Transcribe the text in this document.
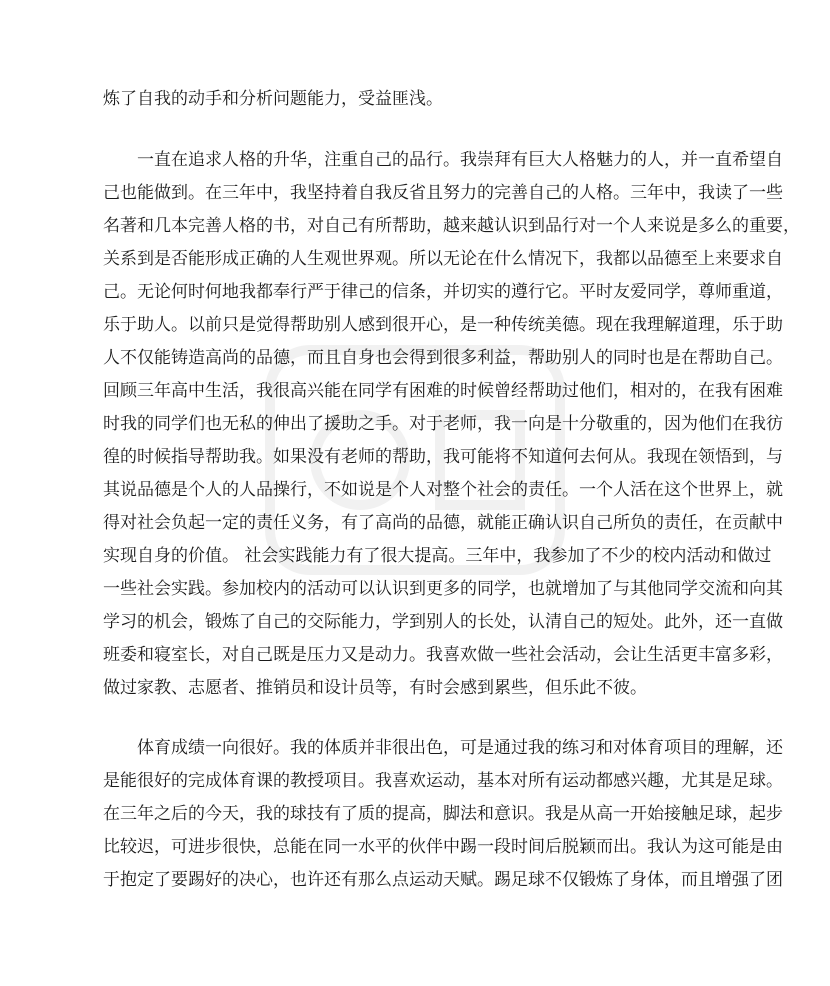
炼了自我的动手和分析问题能力，受益匪浅。
一直在追求人格的升华，注重自己的品行。我崇拜有巨大人格魅力的人，并一直希望自
己也能做到。在三年中，我坚持着自我反省且努力的完善自己的人格。三年中，我读了一些
名著和几本完善人格的书，对自己有所帮助，越来越认识到品行对一个人来说是多么的重要，
关系到是否能形成正确的人生观世界观。所以无论在什么情况下，我都以品德至上来要求自
己。无论何时何地我都奉行严于律己的信条，并切实的遵行它。平时友爱同学，尊师重道，
乐于助人。以前只是觉得帮助别人感到很开心，是一种传统美德。现在我理解道理，乐于助
人不仅能铸造高尚的品德，而且自身也会得到很多利益，帮助别人的同时也是在帮助自己。
回顾三年高中生活，我很高兴能在同学有困难的时候曾经帮助过他们，相对的，在我有困难
时我的同学们也无私的伸出了援助之手。对于老师，我一向是十分敬重的，因为他们在我彷
徨的时候指导帮助我。如果没有老师的帮助，我可能将不知道何去何从。我现在领悟到，与
其说品德是个人的人品操行，不如说是个人对整个社会的责任。一个人活在这个世界上，就
得对社会负起一定的责任义务，有了高尚的品德，就能正确认识自己所负的责任，在贡献中
实现自身的价值。 社会实践能力有了很大提高。三年中，我参加了不少的校内活动和做过
一些社会实践。参加校内的活动可以认识到更多的同学，也就增加了与其他同学交流和向其
学习的机会，锻炼了自己的交际能力，学到别人的长处，认清自己的短处。此外，还一直做
班委和寝室长，对自己既是压力又是动力。我喜欢做一些社会活动，会让生活更丰富多彩，
做过家教、志愿者、推销员和设计员等，有时会感到累些，但乐此不彼。
体育成绩一向很好。我的体质并非很出色，可是通过我的练习和对体育项目的理解，还
是能很好的完成体育课的教授项目。我喜欢运动，基本对所有运动都感兴趣，尤其是足球。
在三年之后的今天，我的球技有了质的提高，脚法和意识。我是从高一开始接触足球，起步
比较迟，可进步很快，总能在同一水平的伙伴中踢一段时间后脱颖而出。我认为这可能是由
于抱定了要踢好的决心，也许还有那么点运动天赋。踢足球不仅锻炼了身体，而且增强了团
